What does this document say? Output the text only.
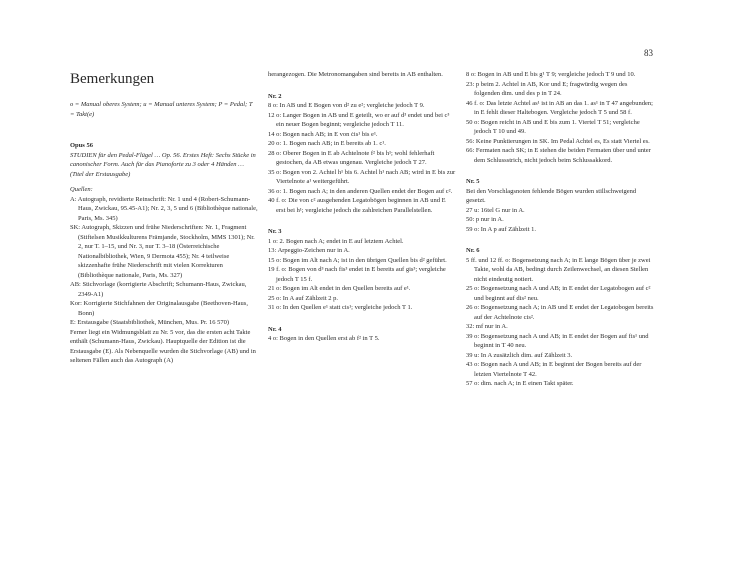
83
Bemerkungen

o = Manual oberes System; u = Manual unteres System; P = Pedal; T = Takt(e)

Opus 56

STUDIEN für den Pedal-Flügel … Op. 56. Erstes Heft: Sechs Stücke in canonischer Form. Auch für das Pianoforte zu 3 oder 4 Händen … (Titel der Erstausgabe)

Quellen:

A: Autograph, revidierte Reinschrift: Nr. 1 und 4 (Robert-Schumann-Haus, Zwickau, 95.45-A1); Nr. 2, 3, 5 und 6 (Bibliothèque nationale, Paris, Ms. 345)

SK: Autograph, Skizzen und frühe Niederschriften: Nr. 1, Fragment (Stiftelsen Musikkulturens Främjande, Stockholm, MMS 1301); Nr. 2, nur T. 1–15, und Nr. 3, nur T. 3–18 (Österreichische Nationalbibliothek, Wien, 9 Dermota 455); Nr. 4 teilweise skizzenhafte frühe Niederschrift mit vielen Korrekturen (Bibliothèque nationale, Paris, Ms. 327)

AB: Stichvorlage (korrigierte Abschrift; Schumann-Haus, Zwickau, 2349-A1)

Kor: Korrigierte Stichfahnen der Originalausgabe (Beethoven-Haus, Bonn)

E: Erstausgabe (Staatsbibliothek, München, Mus. Pr. 16 570)

Ferner liegt ein Widmungsblatt zu Nr. 5 vor, das die ersten acht Takte enthält (Schumann-Haus, Zwickau). Hauptquelle der Edition ist die Erstausgabe (E). Als Nebenquelle wurden die Stichvorlage (AB) und in seltenen Fällen auch das Autograph (A)

herangezogen. Die Metronomangaben sind bereits in AB enthalten.

Nr. 2

8 o: In AB und E Bogen von d² zu e²; vergleiche jedoch T 9.

12 o: Langer Bogen in AB und E geteilt, wo er auf d³ endet und bei c³ ein neuer Bogen beginnt; vergleiche jedoch T 11.

14 o: Bogen nach AB; in E von ċis¹ bis e¹.

20 o: 1. Bogen nach AB; in E bereits ab 1. c¹.

28 o: Oberer Bogen in E ab Achtelnote f² bis h¹; wohl fehlerhaft gestochen, da AB etwas ungenau. Vergleiche jedoch T 27.

35 o: Bogen von 2. Achtel h¹ bis 6. Achtel h¹ nach AB; wird in E bis zur Viertelnote a¹ weitergeführt.

36 o: 1. Bogen nach A; in den anderen Quellen endet der Bogen auf c².

40 f. o: Die von c² ausgehenden Legatobögen beginnen in AB und E erst bei h¹; vergleiche jedoch die zahlreichen Parallelstellen.

Nr. 3

1 o: 2. Bogen nach A; endet in E auf letztem Achtel.

13: Arpeggio-Zeichen nur in A.

15 o: Bogen im Alt nach A; ist in den übrigen Quellen bis d² geführt.

19 f. o: Bogen von d³ nach fis³ endet in E bereits auf gis³; vergleiche jedoch T 15 f.

21 o: Bogen im Alt endet in den Quellen bereits auf e¹.

25 o: In A auf Zählzeit 2 p.

31 o: In den Quellen e¹ statt cis¹; vergleiche jedoch T 1.

Nr. 4

4 o: Bogen in den Quellen erst ab f² in T 5.

8 o: Bogen in AB und E bis g¹ T 9; vergleiche jedoch T 9 und 10.

23: p beim 2. Achtel in AB, Kor und E; fragwürdig wegen des folgenden dim. und des p in T 24.

46 f. o: Das letzte Achtel as¹ ist in AB an das 1. as¹ in T 47 angebunden; in E fehlt dieser Haltebogen. Vergleiche jedoch T 5 und 58 f.

50 o: Bogen reicht in AB und E bis zum 1. Viertel T 51; vergleiche jedoch T 10 und 49.

56: Keine Punktierungen in SK. Im Pedal Achtel es, Es statt Viertel es.

66: Fermaten nach SK; in E stehen die beiden Fermaten über und unter dem Schlussstrich, nicht jedoch beim Schlussakkord.

Nr. 5

Bei den Vorschlagsnoten fehlende Bögen wurden stillschweigend gesetzt.

27 u: 16tel G nur in A.

50: p nur in A.

59 o: In A p auf Zählzeit 1.

Nr. 6

5 ff. und 12 ff. o: Bogensetzung nach A; in E lange Bögen über je zwei Takte, wohl da AB, bedingt durch Zeilenwechsel, an diesen Stellen nicht eindeutig notiert.

25 o: Bogensetzung nach A und AB; in E endet der Legatobogen auf c² und beginnt auf dis² neu.

26 o: Bogensetzung nach A; in AB und E endet der Legatobogen bereits auf der Achtelnote cis².

32: mf nur in A.

39 o: Bogensetzung nach A und AB; in E endet der Bogen auf fis¹ und beginnt in T 40 neu.

39 u: In A zusätzlich dim. auf Zählzeit 3.

43 o: Bogen nach A und AB; in E beginnt der Bogen bereits auf der letzten Viertelnote T 42.

57 o: dim. nach A; in E einen Takt später.
